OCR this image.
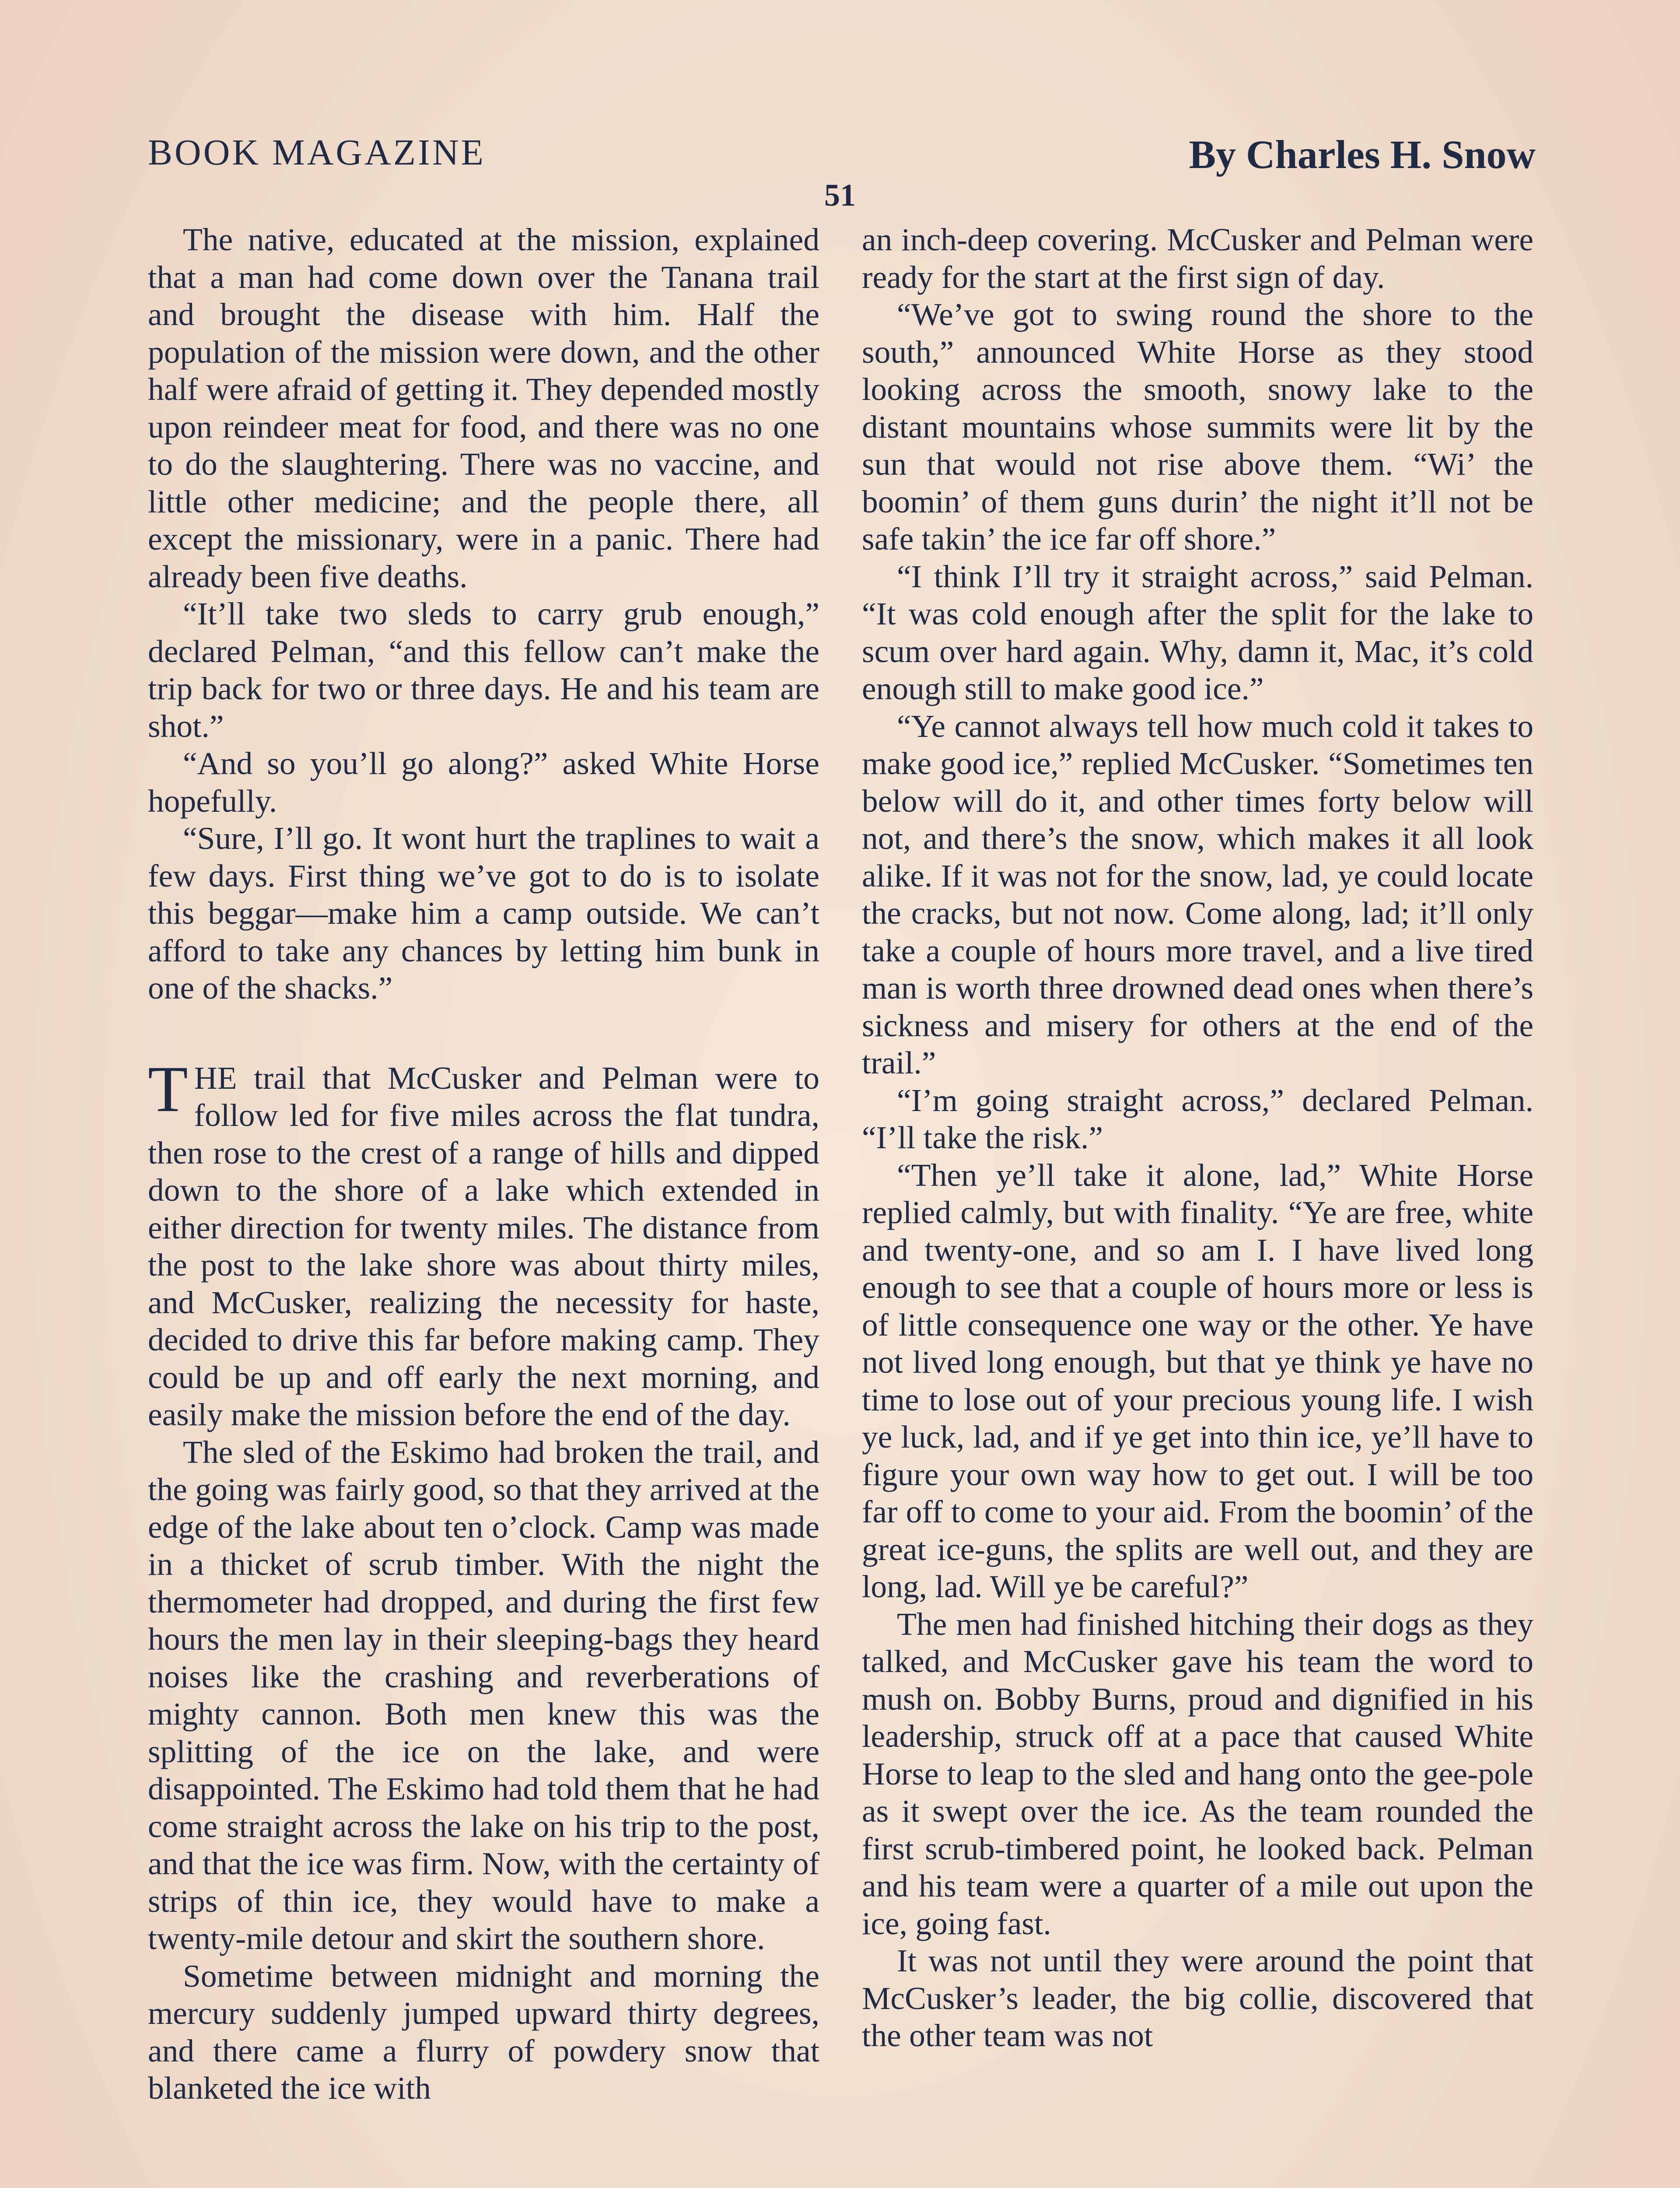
BOOK MAGAZINE	By Charles H. Snow
51

The native, educated at the mission, explained that a man had come down over the Tanana trail and brought the disease with him. Half the population of the mission were down, and the other half were afraid of getting it. They depended mostly upon reindeer meat for food, and there was no one to do the slaughtering. There was no vaccine, and little other medicine; and the people there, all except the missionary, were in a panic. There had already been five deaths.

“It’ll take two sleds to carry grub enough,” declared Pelman, “and this fellow can’t make the trip back for two or three days. He and his team are shot.”

“And so you’ll go along?” asked White Horse hopefully.

“Sure, I’ll go. It wont hurt the traplines to wait a few days. First thing we’ve got to do is to isolate this beggar—make him a camp outside. We can’t afford to take any chances by letting him bunk in one of the shacks.”

THE trail that McCusker and Pelman were to follow led for five miles across the flat tundra, then rose to the crest of a range of hills and dipped down to the shore of a lake which extended in either direction for twenty miles. The distance from the post to the lake shore was about thirty miles, and McCusker, realizing the necessity for haste, decided to drive this far before making camp. They could be up and off early the next morning, and easily make the mission before the end of the day.

The sled of the Eskimo had broken the trail, and the going was fairly good, so that they arrived at the edge of the lake about ten o’clock. Camp was made in a thicket of scrub timber. With the night the thermometer had dropped, and during the first few hours the men lay in their sleeping-bags they heard noises like the crashing and reverberations of mighty cannon. Both men knew this was the splitting of the ice on the lake, and were disappointed. The Eskimo had told them that he had come straight across the lake on his trip to the post, and that the ice was firm. Now, with the certainty of strips of thin ice, they would have to make a twenty-mile detour and skirt the southern shore.

Sometime between midnight and morning the mercury suddenly jumped upward thirty degrees, and there came a flurry of powdery snow that blanketed the ice with

an inch-deep covering. McCusker and Pelman were ready for the start at the first sign of day.

“We’ve got to swing round the shore to the south,” announced White Horse as they stood looking across the smooth, snowy lake to the distant mountains whose summits were lit by the sun that would not rise above them. “Wi’ the boomin’ of them guns durin’ the night it’ll not be safe takin’ the ice far off shore.”

“I think I’ll try it straight across,” said Pelman. “It was cold enough after the split for the lake to scum over hard again. Why, damn it, Mac, it’s cold enough still to make good ice.”

“Ye cannot always tell how much cold it takes to make good ice,” replied McCusker. “Sometimes ten below will do it, and other times forty below will not, and there’s the snow, which makes it all look alike. If it was not for the snow, lad, ye could locate the cracks, but not now. Come along, lad; it’ll only take a couple of hours more travel, and a live tired man is worth three drowned dead ones when there’s sickness and misery for others at the end of the trail.”

“I’m going straight across,” declared Pelman. “I’ll take the risk.”

“Then ye’ll take it alone, lad,” White Horse replied calmly, but with finality. “Ye are free, white and twenty-one, and so am I. I have lived long enough to see that a couple of hours more or less is of little consequence one way or the other. Ye have not lived long enough, but that ye think ye have no time to lose out of your precious young life. I wish ye luck, lad, and if ye get into thin ice, ye’ll have to figure your own way how to get out. I will be too far off to come to your aid. From the boomin’ of the great ice-guns, the splits are well out, and they are long, lad. Will ye be careful?”

The men had finished hitching their dogs as they talked, and McCusker gave his team the word to mush on. Bobby Burns, proud and dignified in his leadership, struck off at a pace that caused White Horse to leap to the sled and hang onto the gee-pole as it swept over the ice. As the team rounded the first scrub-timbered point, he looked back. Pelman and his team were a quarter of a mile out upon the ice, going fast.

It was not until they were around the point that McCusker’s leader, the big collie, discovered that the other team was not
